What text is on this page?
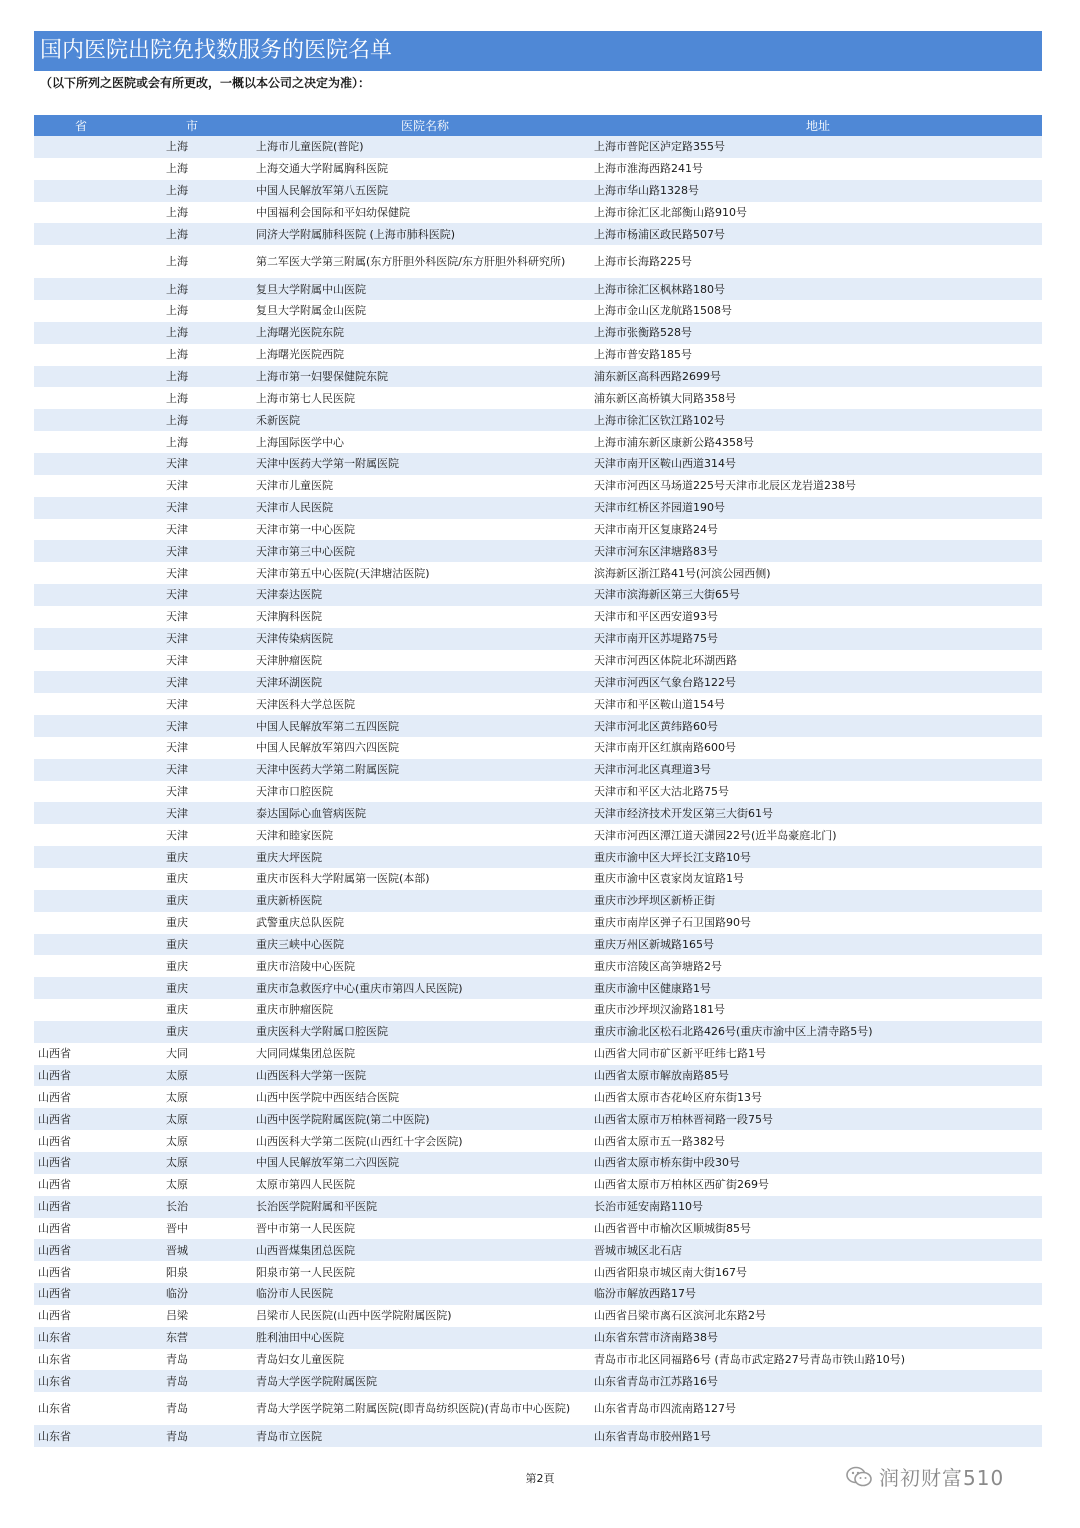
国内医院出院免找数服务的医院名单
（以下所列之医院或会有所更改，一概以本公司之决定为准）：
省	市	医院名称	地址
	上海	上海市儿童医院(普陀)	上海市普陀区泸定路355号
	上海	上海交通大学附属胸科医院	上海市淮海西路241号
	上海	中国人民解放军第八五医院	上海市华山路1328号
	上海	中国福利会国际和平妇幼保健院	上海市徐汇区北部衡山路910号
	上海	同济大学附属肺科医院 (上海市肺科医院)	上海市杨浦区政民路507号
	上海	第二军医大学第三附属(东方肝胆外科医院/东方肝胆外科研究所)	上海市长海路225号
	上海	复旦大学附属中山医院	上海市徐汇区枫林路180号
	上海	复旦大学附属金山医院	上海市金山区龙航路1508号
	上海	上海曙光医院东院	上海市张衡路528号
	上海	上海曙光医院西院	上海市普安路185号
	上海	上海市第一妇婴保健院东院	浦东新区高科西路2699号
	上海	上海市第七人民医院	浦东新区高桥镇大同路358号
	上海	禾新医院	上海市徐汇区钦江路102号
	上海	上海国际医学中心	上海市浦东新区康新公路4358号
	天津	天津中医药大学第一附属医院	天津市南开区鞍山西道314号
	天津	天津市儿童医院	天津市河西区马场道225号天津市北辰区龙岩道238号
	天津	天津市人民医院	天津市红桥区芥园道190号
	天津	天津市第一中心医院	天津市南开区复康路24号
	天津	天津市第三中心医院	天津市河东区津塘路83号
	天津	天津市第五中心医院(天津塘沽医院)	滨海新区浙江路41号(河滨公园西侧)
	天津	天津泰达医院	天津市滨海新区第三大街65号
	天津	天津胸科医院	天津市和平区西安道93号
	天津	天津传染病医院	天津市南开区苏堤路75号
	天津	天津肿瘤医院	天津市河西区体院北环湖西路
	天津	天津环湖医院	天津市河西区气象台路122号
	天津	天津医科大学总医院	天津市和平区鞍山道154号
	天津	中国人民解放军第二五四医院	天津市河北区黄纬路60号
	天津	中国人民解放军第四六四医院	天津市南开区红旗南路600号
	天津	天津中医药大学第二附属医院	天津市河北区真理道3号
	天津	天津市口腔医院	天津市和平区大沽北路75号
	天津	泰达国际心血管病医院	天津市经济技术开发区第三大街61号
	天津	天津和睦家医院	天津市河西区潭江道天潇园22号(近半岛豪庭北门)
	重庆	重庆大坪医院	重庆市渝中区大坪长江支路10号
	重庆	重庆市医科大学附属第一医院(本部)	重庆市渝中区袁家岗友谊路1号
	重庆	重庆新桥医院	重庆市沙坪坝区新桥正街
	重庆	武警重庆总队医院	重庆市南岸区弹子石卫国路90号
	重庆	重庆三峡中心医院	重庆万州区新城路165号
	重庆	重庆市涪陵中心医院	重庆市涪陵区高笋塘路2号
	重庆	重庆市急救医疗中心(重庆市第四人民医院)	重庆市渝中区健康路1号
	重庆	重庆市肿瘤医院	重庆市沙坪坝汉渝路181号
	重庆	重庆医科大学附属口腔医院	重庆市渝北区松石北路426号(重庆市渝中区上清寺路5号)
山西省	大同	大同同煤集团总医院	山西省大同市矿区新平旺纬七路1号
山西省	太原	山西医科大学第一医院	山西省太原市解放南路85号
山西省	太原	山西中医学院中西医结合医院	山西省太原市杏花岭区府东街13号
山西省	太原	山西中医学院附属医院(第二中医院)	山西省太原市万柏林晋祠路一段75号
山西省	太原	山西医科大学第二医院(山西红十字会医院)	山西省太原市五一路382号
山西省	太原	中国人民解放军第二六四医院	山西省太原市桥东街中段30号
山西省	太原	太原市第四人民医院	山西省太原市万柏林区西矿街269号
山西省	长治	长治医学院附属和平医院	长治市延安南路110号
山西省	晋中	晋中市第一人民医院	山西省晋中市榆次区顺城街85号
山西省	晋城	山西晋煤集团总医院	晋城市城区北石店
山西省	阳泉	阳泉市第一人民医院	山西省阳泉市城区南大街167号
山西省	临汾	临汾市人民医院	临汾市解放西路17号
山西省	吕梁	吕梁市人民医院(山西中医学院附属医院)	山西省吕梁市离石区滨河北东路2号
山东省	东营	胜利油田中心医院	山东省东营市济南路38号
山东省	青岛	青岛妇女儿童医院	青岛市市北区同福路6号 (青岛市武定路27号青岛市铁山路10号)
山东省	青岛	青岛大学医学院附属医院	山东省青岛市江苏路16号
山东省	青岛	青岛大学医学院第二附属医院(即青岛纺织医院)(青岛市中心医院)	山东省青岛市四流南路127号
山东省	青岛	青岛市立医院	山东省青岛市胶州路1号
第2頁	润初财富510
